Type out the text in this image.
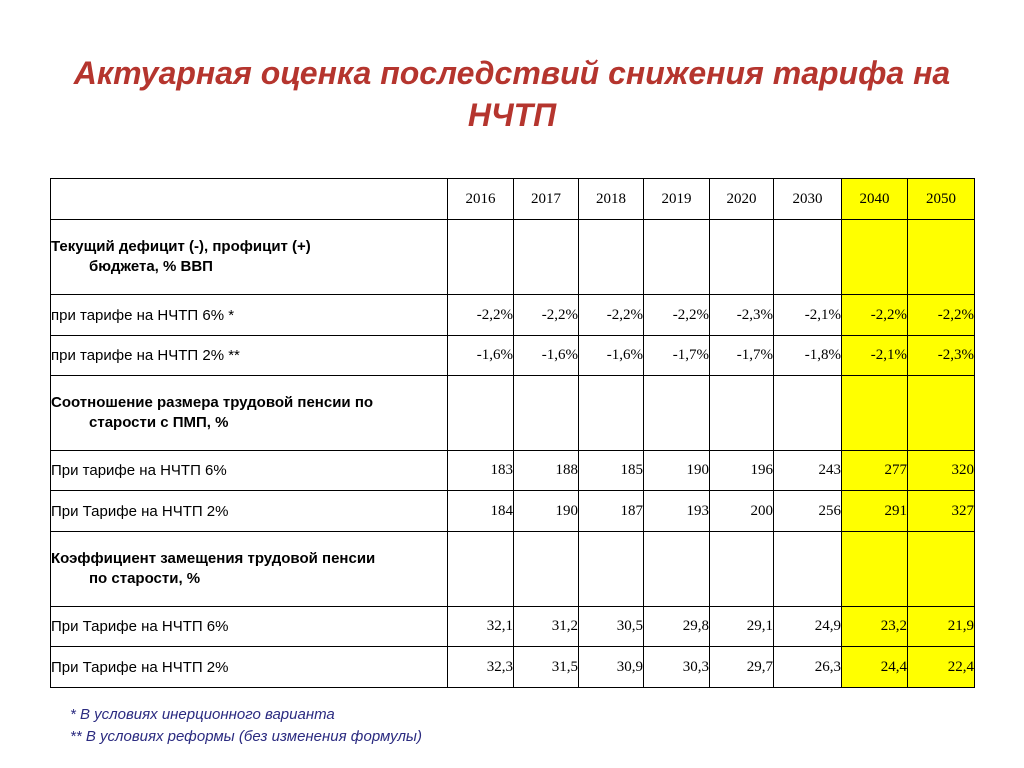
Актуарная оценка последствий снижения тарифа на НЧТП
	2016	2017	2018	2019	2020	2030	2040	2050
Текущий дефицит (-), профицит (+)
бюджета, % ВВП								

при тарифе на НЧТП 6% *	-2,2%	-2,2%	-2,2%	-2,2%	-2,3%	-2,1%	-2,2%	-2,2%
при тарифе на НЧТП 2% **	-1,6%	-1,6%	-1,6%	-1,7%	-1,7%	-1,8%	-2,1%	-2,3%
Соотношение размера трудовой пенсии по
старости с ПМП, %								

При тарифе на НЧТП 6%	183	188	185	190	196	243	277	320
При Тарифе на НЧТП 2%	184	190	187	193	200	256	291	327
Коэффициент замещения трудовой пенсии
по старости, %								

При Тарифе на НЧТП 6%	32,1	31,2	30,5	29,8	29,1	24,9	23,2	21,9
При Тарифе на НЧТП 2%	32,3	31,5	30,9	30,3	29,7	26,3	24,4	22,4
* В условиях инерционного варианта
** В условиях реформы (без изменения формулы)
